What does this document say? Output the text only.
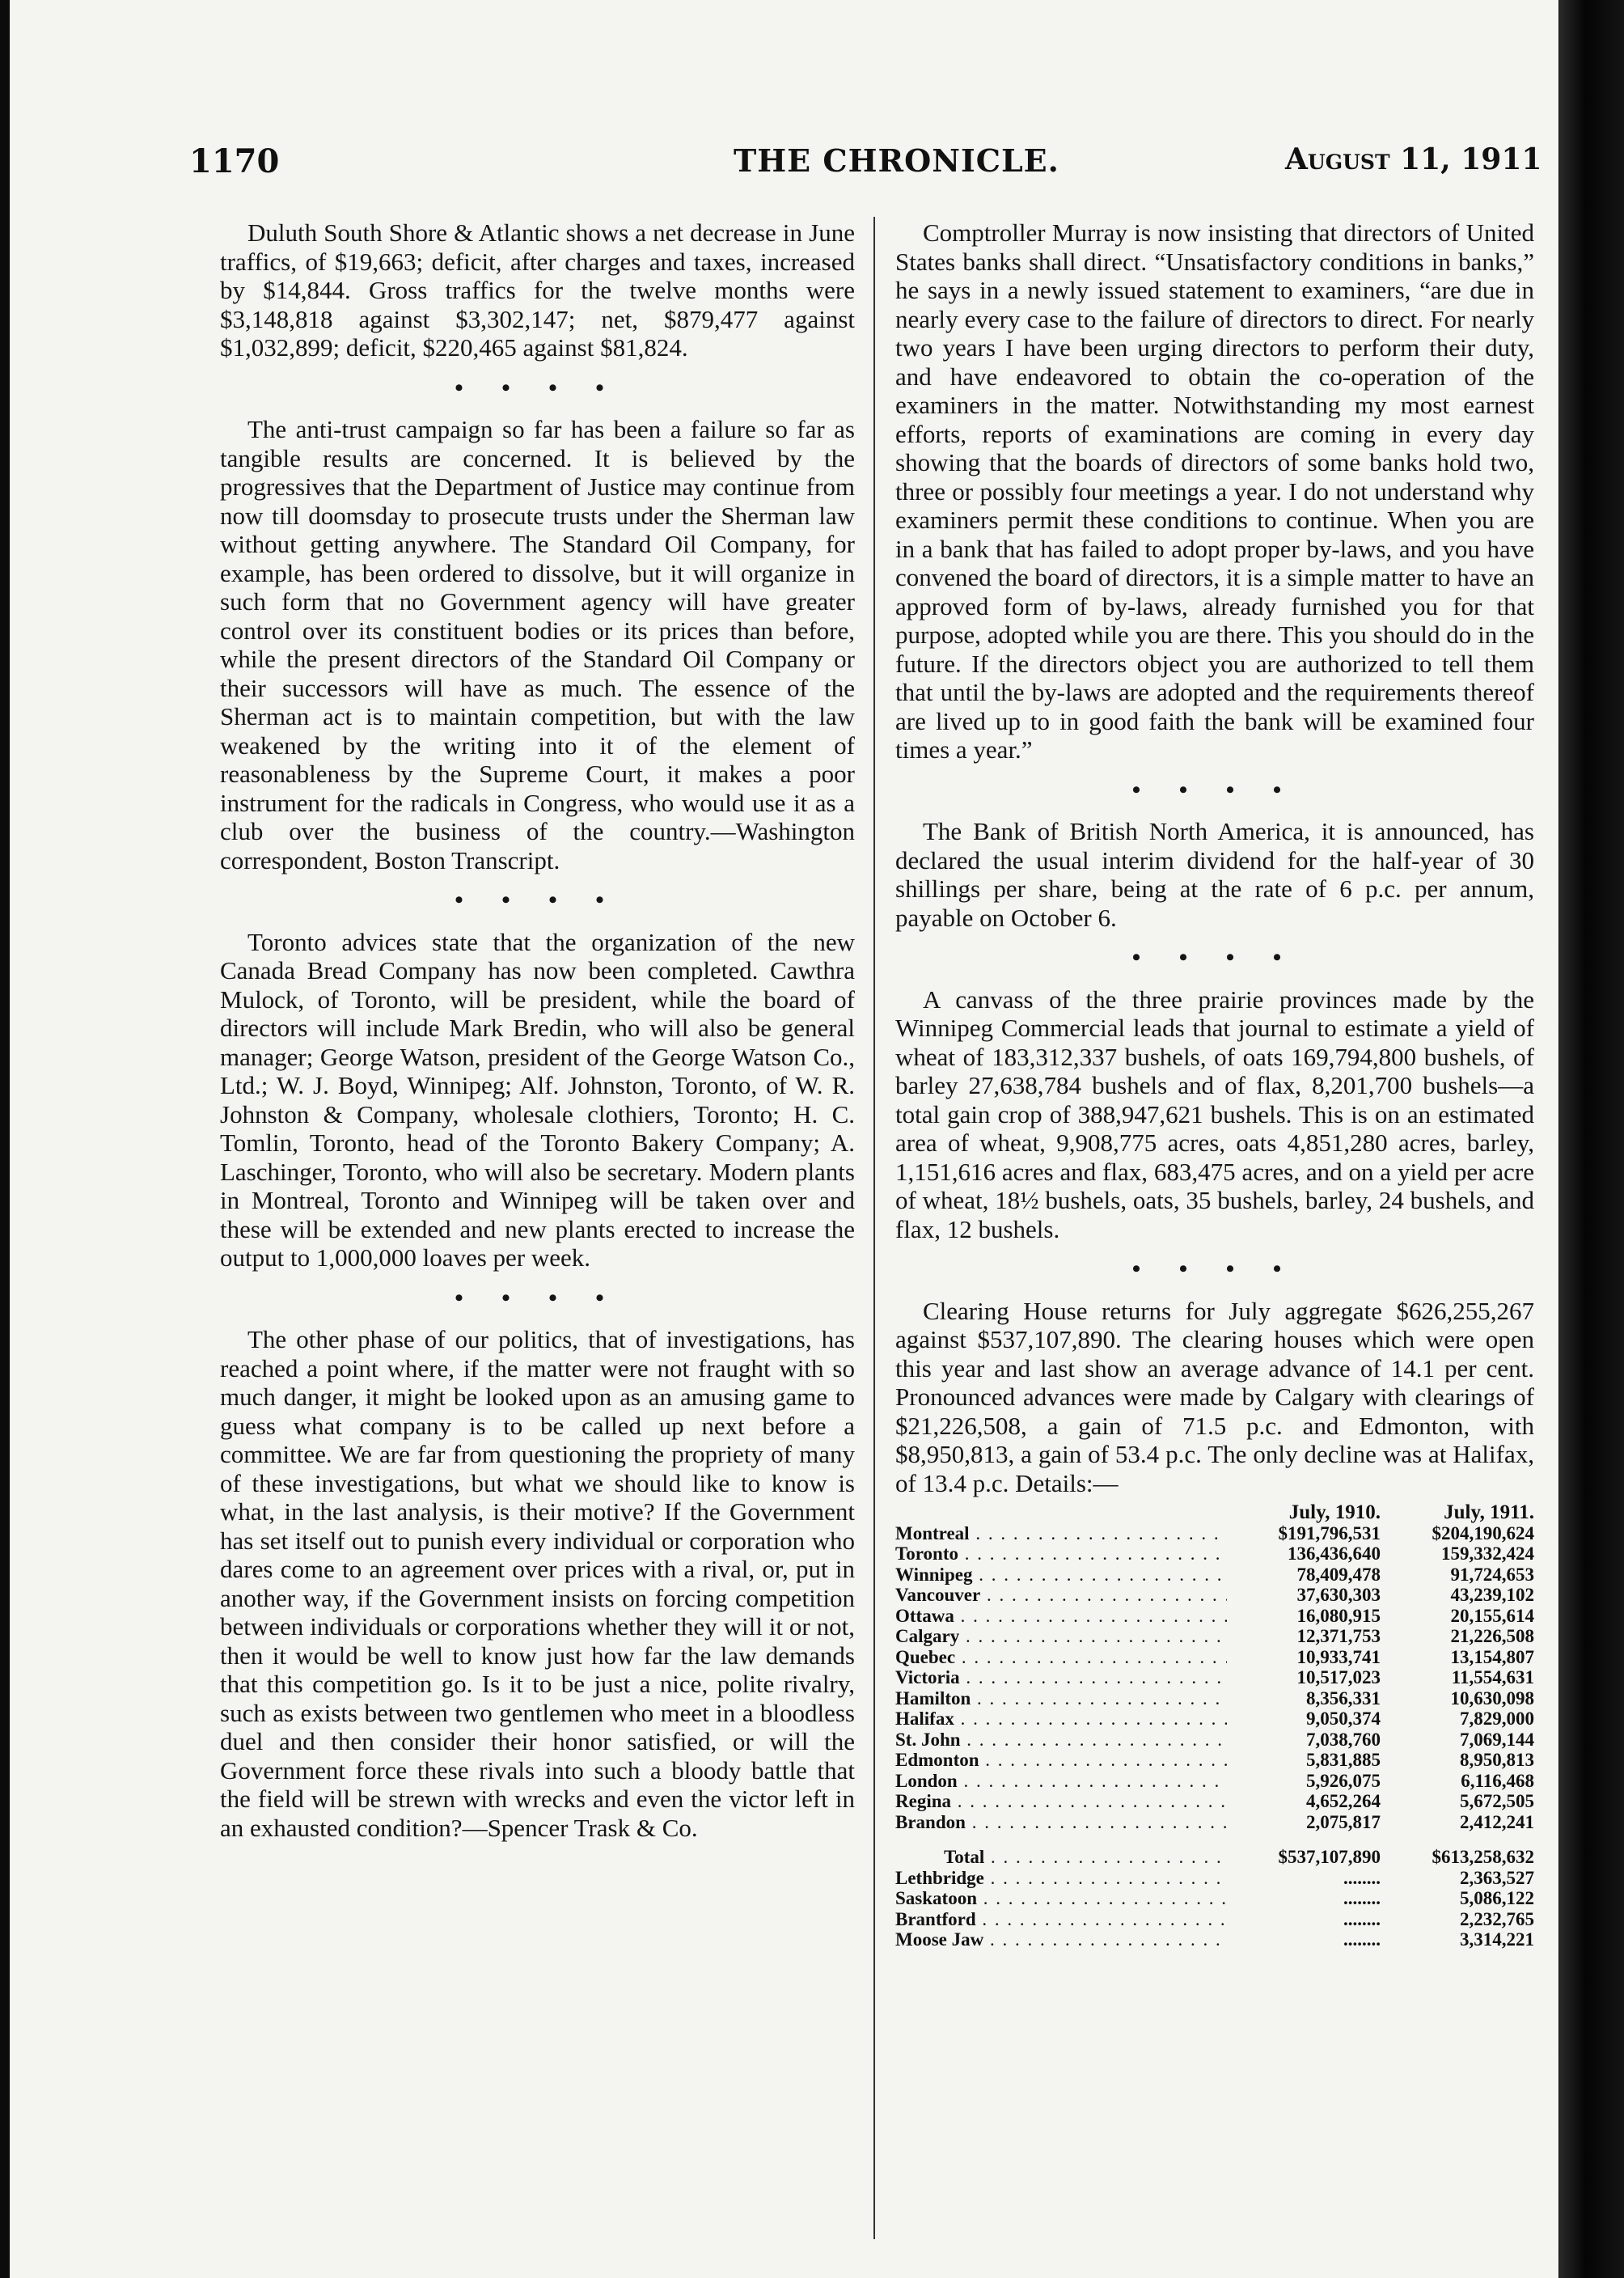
1170	THE CHRONICLE.	August 11, 1911

Duluth South Shore & Atlantic shows a net decrease in June traffics, of $19,663; deficit, after charges and taxes, increased by $14,844. Gross traffics for the twelve months were $3,148,818 against $3,302,147; net, $879,477 against $1,032,899; deficit, $220,465 against $81,824.

• • • •

The anti-trust campaign so far has been a failure so far as tangible results are concerned. It is believed by the progressives that the Department of Justice may continue from now till doomsday to prosecute trusts under the Sherman law without getting anywhere. The Standard Oil Company, for example, has been ordered to dissolve, but it will organize in such form that no Government agency will have greater control over its constituent bodies or its prices than before, while the present directors of the Standard Oil Company or their successors will have as much. The essence of the Sherman act is to maintain competition, but with the law weakened by the writing into it of the element of reasonableness by the Supreme Court, it makes a poor instrument for the radicals in Congress, who would use it as a club over the business of the country.—Washington correspondent, Boston Transcript.

• • • •

Toronto advices state that the organization of the new Canada Bread Company has now been completed. Cawthra Mulock, of Toronto, will be president, while the board of directors will include Mark Bredin, who will also be general manager; George Watson, president of the George Watson Co., Ltd.; W. J. Boyd, Winnipeg; Alf. Johnston, Toronto, of W. R. Johnston & Company, wholesale clothiers, Toronto; H. C. Tomlin, Toronto, head of the Toronto Bakery Company; A. Laschinger, Toronto, who will also be secretary. Modern plants in Montreal, Toronto and Winnipeg will be taken over and these will be extended and new plants erected to increase the output to 1,000,000 loaves per week.

• • • •

The other phase of our politics, that of investigations, has reached a point where, if the matter were not fraught with so much danger, it might be looked upon as an amusing game to guess what company is to be called up next before a committee. We are far from questioning the propriety of many of these investigations, but what we should like to know is what, in the last analysis, is their motive? If the Government has set itself out to punish every individual or corporation who dares come to an agreement over prices with a rival, or, put in another way, if the Government insists on forcing competition between individuals or corporations whether they will it or not, then it would be well to know just how far the law demands that this competition go. Is it to be just a nice, polite rivalry, such as exists between two gentlemen who meet in a bloodless duel and then consider their honor satisfied, or will the Government force these rivals into such a bloody battle that the field will be strewn with wrecks and even the victor left in an exhausted condition?—Spencer Trask & Co.

Comptroller Murray is now insisting that directors of United States banks shall direct. “Unsatisfactory conditions in banks,” he says in a newly issued statement to examiners, “are due in nearly every case to the failure of directors to direct. For nearly two years I have been urging directors to perform their duty, and have endeavored to obtain the co-operation of the examiners in the matter. Notwithstanding my most earnest efforts, reports of examinations are coming in every day showing that the boards of directors of some banks hold two, three or possibly four meetings a year. I do not understand why examiners permit these conditions to continue. When you are in a bank that has failed to adopt proper by-laws, and you have convened the board of directors, it is a simple matter to have an approved form of by-laws, already furnished you for that purpose, adopted while you are there. This you should do in the future. If the directors object you are authorized to tell them that until the by-laws are adopted and the requirements thereof are lived up to in good faith the bank will be examined four times a year.”

• • • •

The Bank of British North America, it is announced, has declared the usual interim dividend for the half-year of 30 shillings per share, being at the rate of 6 p.c. per annum, payable on October 6.

• • • •

A canvass of the three prairie provinces made by the Winnipeg Commercial leads that journal to estimate a yield of wheat of 183,312,337 bushels, of oats 169,794,800 bushels, of barley 27,638,784 bushels and of flax, 8,201,700 bushels—a total gain crop of 388,947,621 bushels. This is on an estimated area of wheat, 9,908,775 acres, oats 4,851,280 acres, barley, 1,151,616 acres and flax, 683,475 acres, and on a yield per acre of wheat, 18½ bushels, oats, 35 bushels, barley, 24 bushels, and flax, 12 bushels.

• • • •

Clearing House returns for July aggregate $626,255,267 against $537,107,890. The clearing houses which were open this year and last show an average advance of 14.1 per cent. Pronounced advances were made by Calgary with clearings of $21,226,508, a gain of 71.5 p.c. and Edmonton, with $8,950,813, a gain of 53.4 p.c. The only decline was at Halifax, of 13.4 p.c. Details:—

July, 1910.	July, 1911.
Montreal . . .	$191,796,531	$204,190,624
Toronto . . .	136,436,640	159,332,424
Winnipeg . . .	78,409,478	91,724,653
Vancouver . . .	37,630,303	43,239,102
Ottawa . . .	16,080,915	20,155,614
Calgary . . .	12,371,753	21,226,508
Quebec . . .	10,933,741	13,154,807
Victoria . . .	10,517,023	11,554,631
Hamilton . . .	8,356,331	10,630,098
Halifax . . .	9,050,374	7,829,000
St. John . . .	7,038,760	7,069,144
Edmonton . . .	5,831,885	8,950,813
London . . .	5,926,075	6,116,468
Regina . . .	4,652,264	5,672,505
Brandon . . .	2,075,817	2,412,241
Total . . .	$537,107,890	$613,258,632
Lethbridge . . .	........	2,363,527
Saskatoon . . .	........	5,086,122
Brantford . . .	........	2,232,765
Moose Jaw . . .	........	3,314,221
